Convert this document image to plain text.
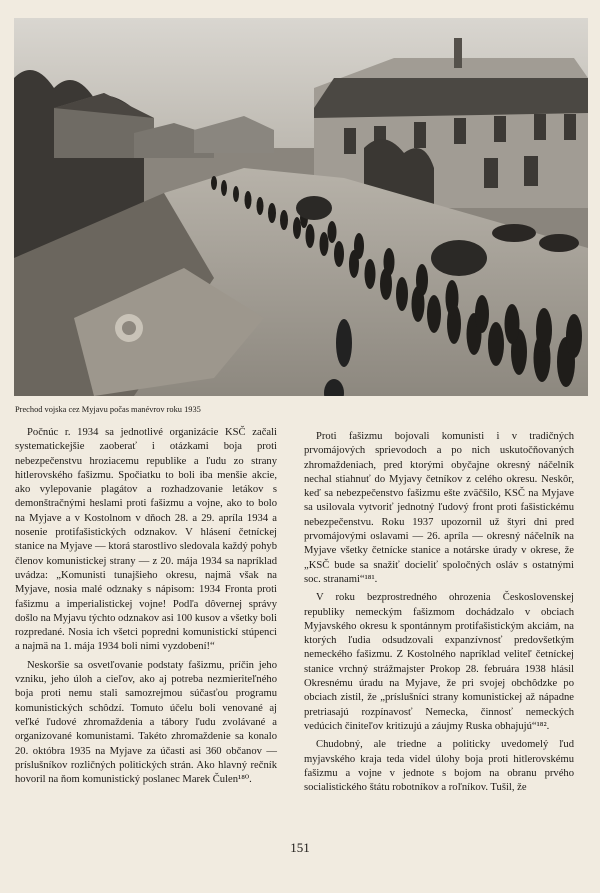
Prechod vojska cez Myjavu počas manévrov roku 1935

Počnúc r. 1934 sa jednotlivé organizácie KSČ začali systematickejšie zaoberať i otázkami boja proti nebezpečenstvu hroziacemu republike a ľudu zo strany hitlerovského fašizmu. Spočiatku to boli iba menšie akcie, ako vylepovanie plagátov a rozhadzovanie letákov s demonštračnými heslami proti fašizmu a vojne, ako to bolo na Myjave a v Kostolnom v dňoch 28. a 29. apríla 1934 a nosenie protifašistických odznakov. V hlásení četníckej stanice na Myjave — ktorá starostlivo sledovala každý pohyb členov komunistickej strany — z 20. mája 1934 sa napríklad uvádza: „Komunisti tunajšieho okresu, najmä však na Myjave, nosia malé odznaky s nápisom: 1934 Fronta proti fašizmu a imperialistickej vojne! Podľa dôvernej správy došlo na Myjavu týchto odznakov asi 100 kusov a všetky boli rozpredané. Nosia ich všetci popredni komunistickí stúpenci a najmä na 1. mája 1934 boli nimi vyzdobení!“

Neskoršie sa osvetľovanie podstaty fašizmu, príčin jeho vzniku, jeho úloh a cieľov, ako aj potreba nezmieriteľného boja proti nemu stali samozrejmou súčasťou programu komunistických schôdzí. Tomuto účelu boli venované aj veľké ľudové zhromaždenia a tábory ľudu zvolávané a organizované komunistami. Takéto zhromaždenie sa konalo 20. októbra 1935 na Myjave za účasti asi 360 občanov — príslušníkov rozličných politických strán. Ako hlavný rečník hovoril na ňom komunistický poslanec Marek Čulen¹⁸⁰.

Proti fašizmu bojovali komunisti i v tradičných prvomájových sprievodoch a po nich uskutočňovaných zhromaždeniach, pred ktorými obyčajne okresný náčelník nechal stiahnuť do Myjavy četníkov z celého okresu. Neskôr, keď sa nebezpečenstvo fašizmu ešte zväčšilo, KSČ na Myjave sa usilovala vytvoriť jednotný ľudový front proti fašistickému nebezpečenstvu. Roku 1937 upozornil už štyri dni pred prvomájovými oslavami — 26. apríla — okresný náčelník na Myjave všetky četnícke stanice a notárske úrady v okrese, že „KSČ bude sa snažiť docieliť spoločných osláv s ostatnými soc. stranami“¹⁸¹.

V roku bezprostredného ohrozenia Československej republiky nemeckým fašizmom dochádzalo v obciach Myjavského okresu k spontánnym protifašistickým akciám, na ktorých ľudia odsudzovali expanzívnosť predovšetkým nemeckého fašizmu. Z Kostolného napríklad veliteľ četníckej stanice vrchný strážmajster Prokop 28. februára 1938 hlásil Okresnému úradu na Myjave, že pri svojej obchôdzke po obciach zistil, že „príslušníci strany komunistickej až nápadne pretriasajú rozpínavosť Nemecka, činnosť nemeckých vedúcich činiteľov kritizujú a záujmy Ruska obhajujú“¹⁸².

Chudobný, ale triedne a politicky uvedomelý ľud myjavského kraja teda videl úlohy boja proti hitlerovskému fašizmu a vojne v jednote s bojom na obranu prvého socialistického štátu robotníkov a roľníkov. Tušil, že

151
